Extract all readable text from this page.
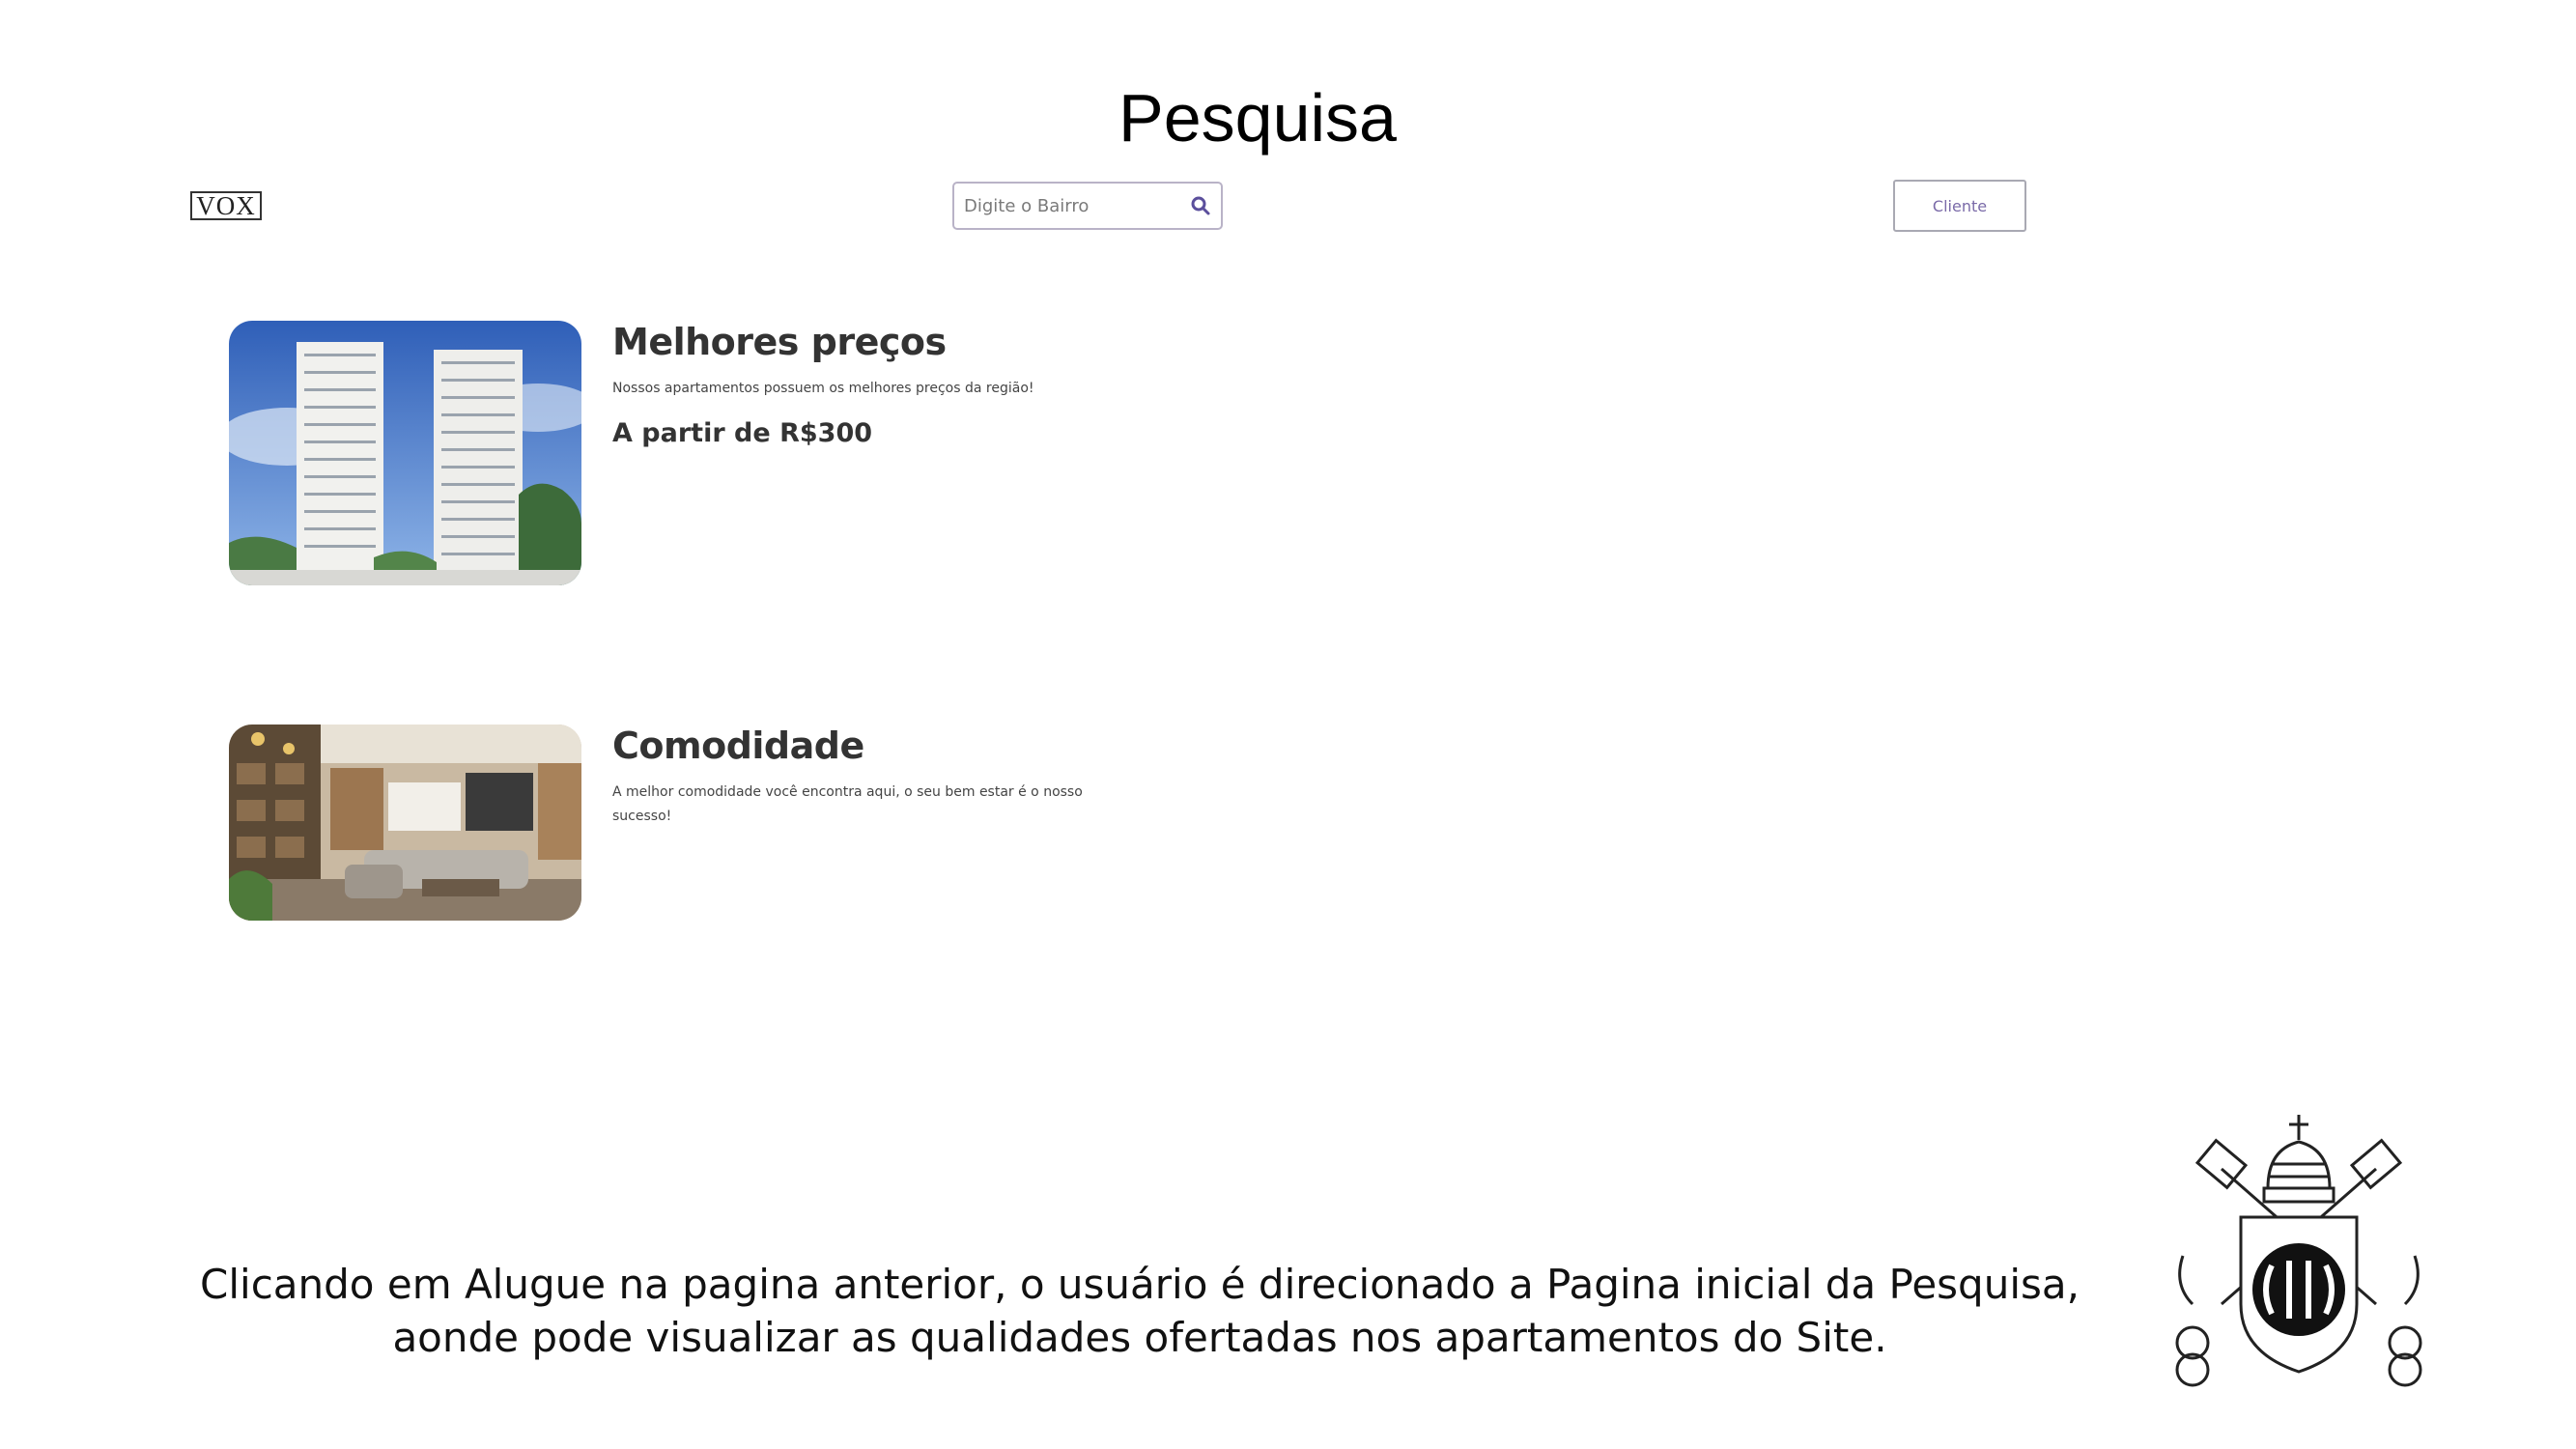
Pesquisa
VOX
Digite o Bairro	Cliente
Melhores preços
Nossos apartamentos possuem os melhores preços da região!
A partir de R$300
Comodidade
A melhor comodidade você encontra aqui, o seu bem estar é o nosso sucesso!
Clicando em Alugue na pagina anterior, o usuário é direcionado a Pagina inicial da Pesquisa,
aonde pode visualizar as qualidades ofertadas nos apartamentos do Site.
